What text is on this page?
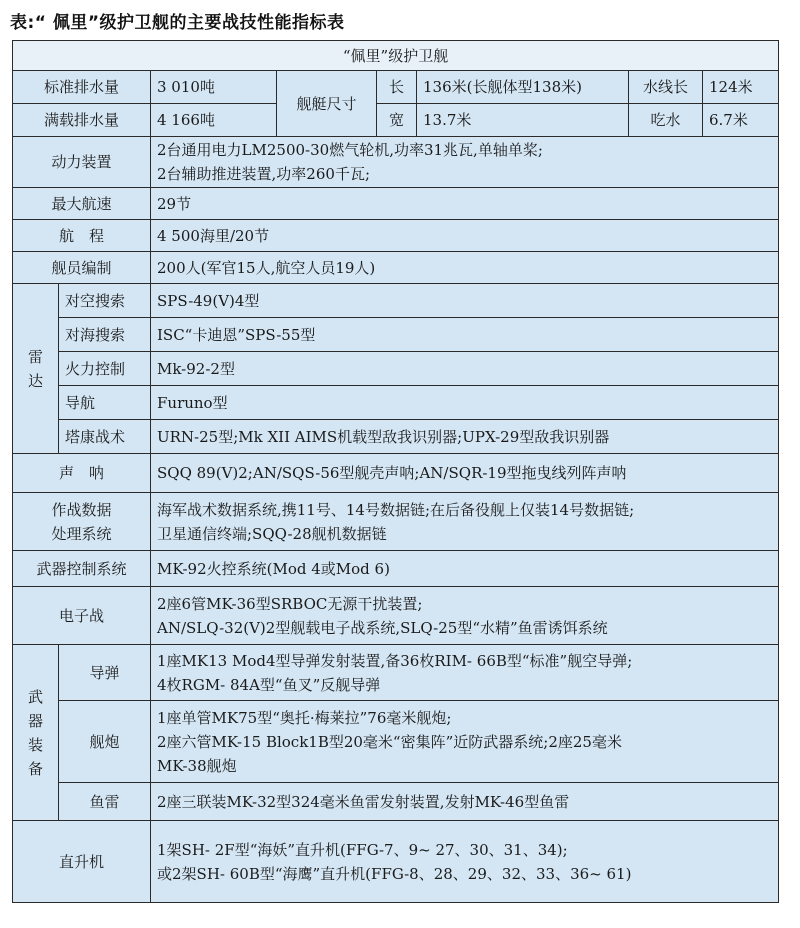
表:“ 佩里”级护卫舰的主要战技性能指标表
“佩里”级护卫舰							
标准排水量		3 010吨	舰艇尺寸	长	136米(长舰体型138米)	水线长	124米
满载排水量		4 166吨		宽	13.7米	吃水	6.7米
动力装置		2台通用电力LM2500-30燃气轮机,功率31兆瓦,单轴单桨;
2台辅助推进装置,功率260千瓦;					

最大航速		29节					
航　程		4 500海里/20节					
舰员编制		200人(军官15人,航空人员19人)					

雷
达	对空搜索	SPS-49(V)4型					
	对海搜索	ISC“卡迪恩”SPS-55型					
	火力控制	Mk-92-2型					
	导航	Furuno型					
	塔康战术	URN-25型;Mk XII AIMS机载型敌我识别器;UPX-29型敌我识别器					
声　呐		SQQ 89(V)2;AN/SQS-56型舰壳声呐;AN/SQR-19型拖曳线列阵声呐					

作战数据
处理系统		海军战术数据系统,携11号、14号数据链;在后备役舰上仅装14号数据链;
卫星通信终端;SQQ-28舰机数据链					

武器控制系统		MK-92火控系统(Mod 4或Mod 6)					
电子战		2座6管MK-36型SRBOC无源干扰装置;
AN/SLQ-32(V)2型舰载电子战系统,SLQ-25型“水精”鱼雷诱饵系统					

武
器
装
备	导弹	1座MK13 Mod4型导弹发射装置,备36枚RIM- 66B型“标准”舰空导弹;
4枚RGM- 84A型“鱼叉”反舰导弹					

	舰炮	1座单管MK75型“奥托·梅莱拉”76毫米舰炮;
2座六管MK-15 Block1B型20毫米“密集阵”近防武器系统;2座25毫米
MK-38舰炮					

	鱼雷	2座三联装MK-32型324毫米鱼雷发射装置,发射MK-46型鱼雷					
直升机		1架SH- 2F型“海妖”直升机(FFG-7、9~ 27、30、31、34);
或2架SH- 60B型“海鹰”直升机(FFG-8、28、29、32、33、36~ 61)					
